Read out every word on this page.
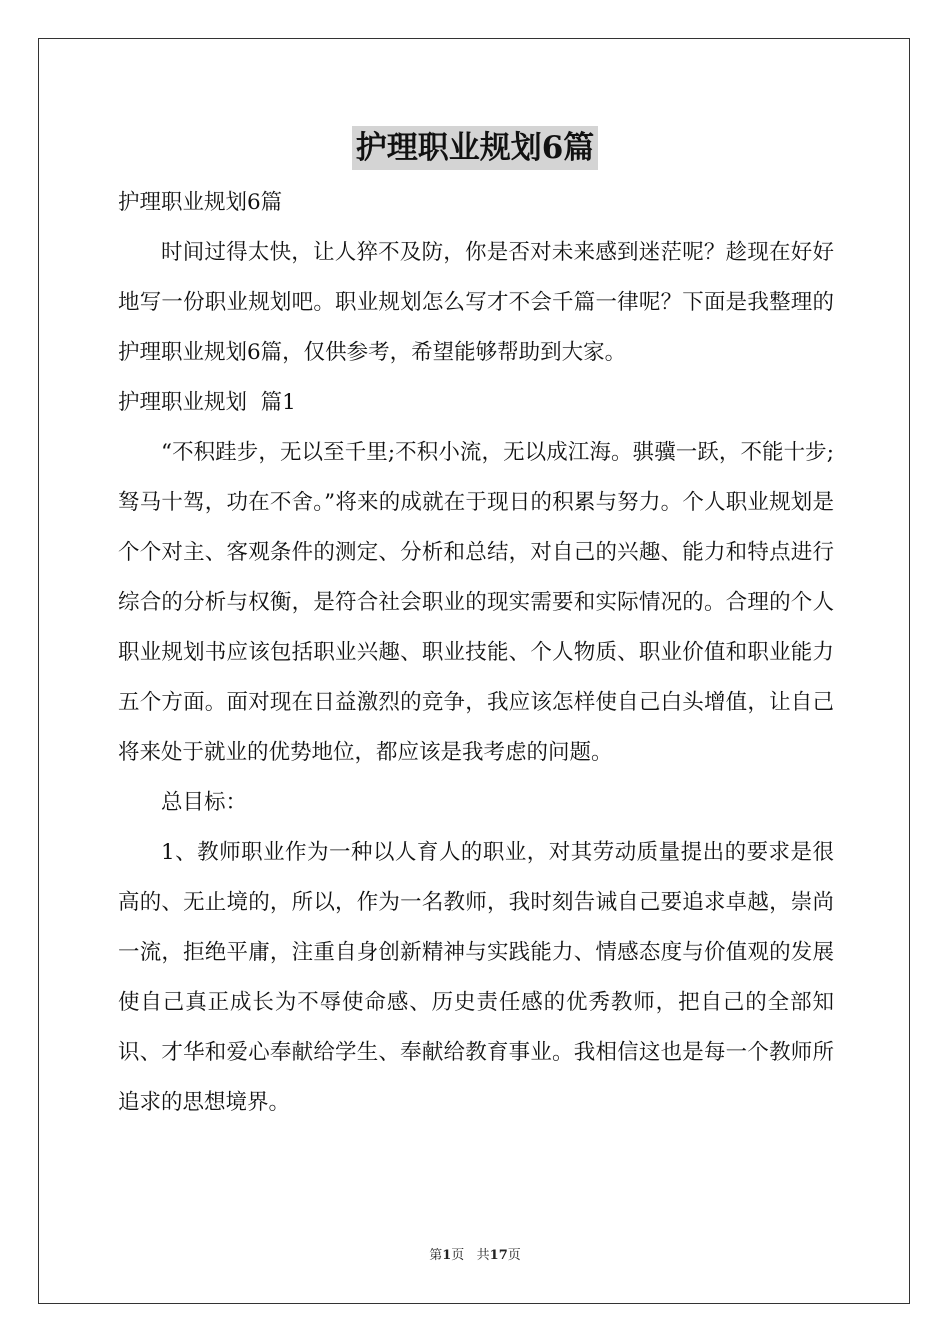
护理职业规划6篇

护理职业规划6篇

时间过得太快，让人猝不及防，你是否对未来感到迷茫呢？趁现在好好地写一份职业规划吧。职业规划怎么写才不会千篇一律呢？下面是我整理的护理职业规划6篇，仅供参考，希望能够帮助到大家。

护理职业规划  篇1

“不积跬步，无以至千里;不积小流，无以成江海。骐骥一跃，不能十步;驽马十驾，功在不舍。”将来的成就在于现日的积累与努力。个人职业规划是个个对主、客观条件的测定、分析和总结，对自己的兴趣、能力和特点进行综合的分析与权衡，是符合社会职业的现实需要和实际情况的。合理的个人职业规划书应该包括职业兴趣、职业技能、个人物质、职业价值和职业能力五个方面。面对现在日益激烈的竞争，我应该怎样使自己白头增值，让自己将来处于就业的优势地位，都应该是我考虑的问题。

总目标：

1、教师职业作为一种以人育人的职业，对其劳动质量提出的要求是很高的、无止境的，所以，作为一名教师，我时刻告诫自己要追求卓越，崇尚一流，拒绝平庸，注重自身创新精神与实践能力、情感态度与价值观的发展使自己真正成长为不辱使命感、历史责任感的优秀教师，把自己的全部知识、才华和爱心奉献给学生、奉献给教育事业。我相信这也是每一个教师所追求的思想境界。

第1页   共17页
